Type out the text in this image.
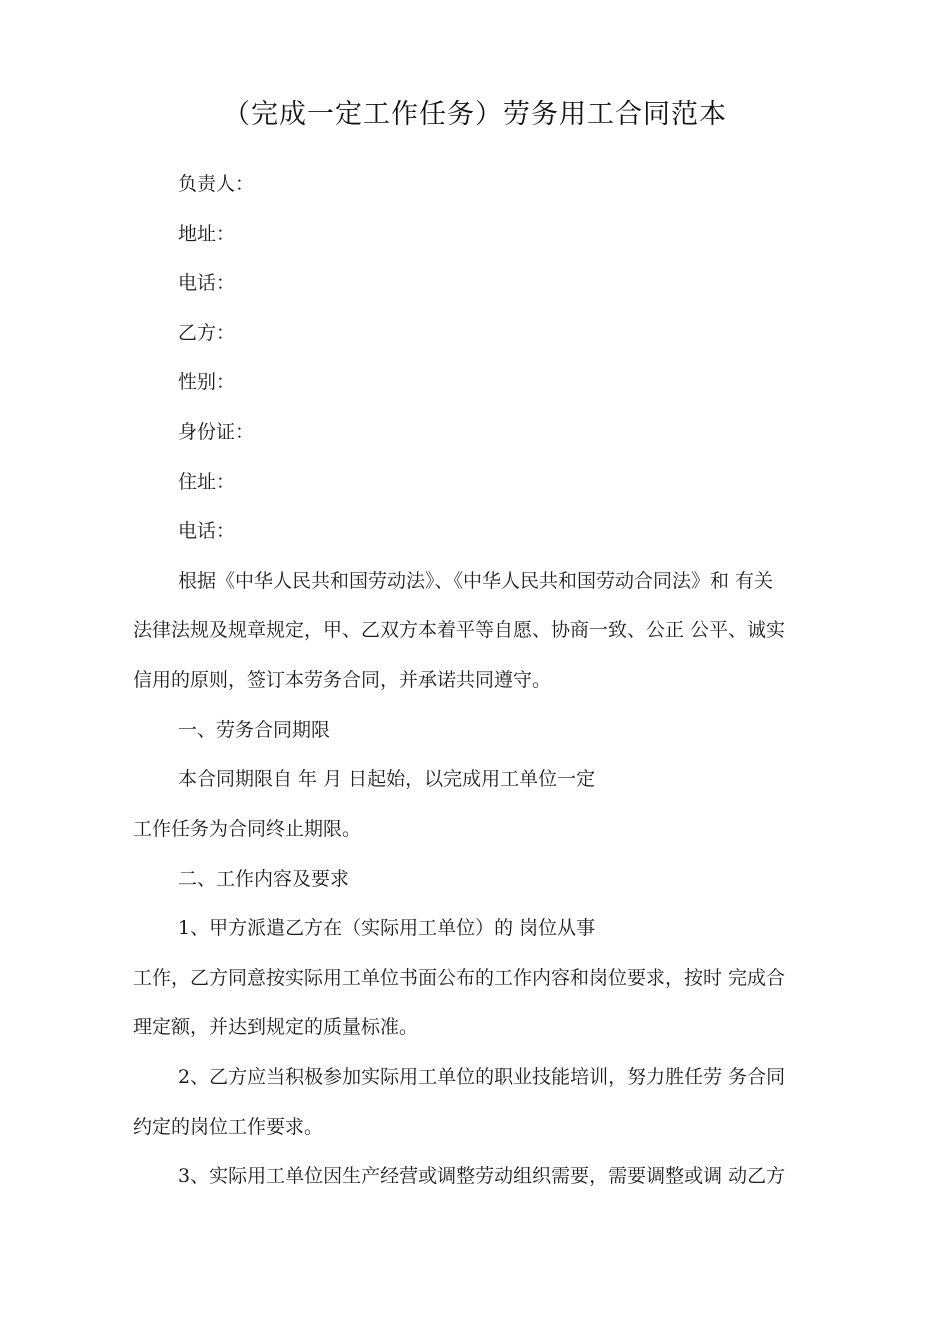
（完成一定工作任务）劳务用工合同范本
负责人：
地址：
电话：
乙方：
性别：
身份证：
住址：
电话：
根据《中华人民共和国劳动法》、《中华人民共和国劳动合同法》和 有关
法律法规及规章规定，甲、乙双方本着平等自愿、协商一致、公正 公平、诚实
信用的原则，签订本劳务合同，并承诺共同遵守。
一、劳务合同期限
本合同期限自 年 月 日起始，以完成用工单位一定
工作任务为合同终止期限。
二、工作内容及要求
1、甲方派遣乙方在（实际用工单位）的 岗位从事
工作，乙方同意按实际用工单位书面公布的工作内容和岗位要求，按时 完成合
理定额，并达到规定的质量标准。
2、乙方应当积极参加实际用工单位的职业技能培训，努力胜任劳 务合同
约定的岗位工作要求。
3、实际用工单位因生产经营或调整劳动组织需要，需要调整或调 动乙方
